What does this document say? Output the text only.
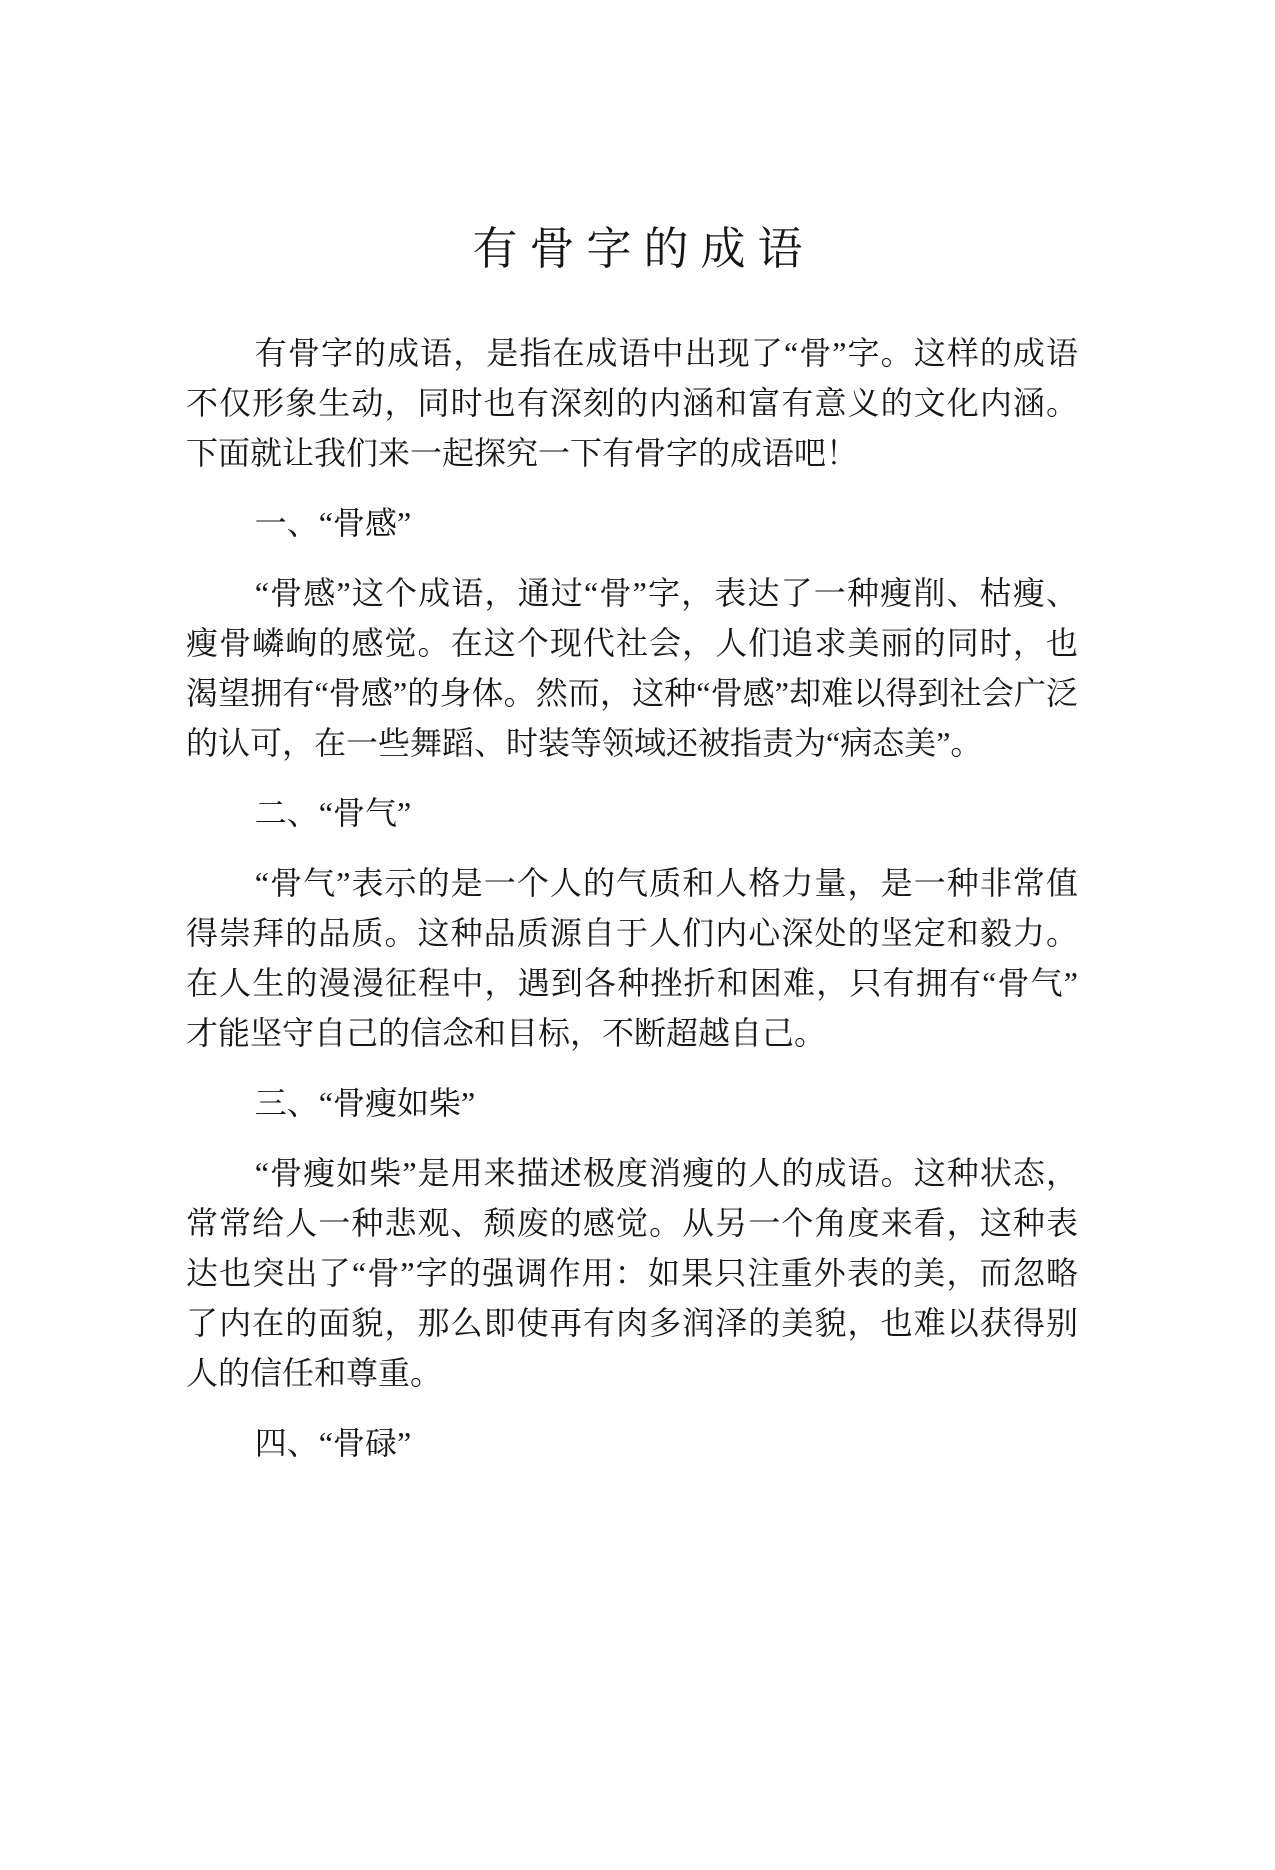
有骨字的成语

有骨字的成语，是指在成语中出现了“骨”字。这样的成语不仅形象生动，同时也有深刻的内涵和富有意义的文化内涵。下面就让我们来一起探究一下有骨字的成语吧！

一、“骨感”

“骨感”这个成语，通过“骨”字，表达了一种瘦削、枯瘦、瘦骨嶙峋的感觉。在这个现代社会，人们追求美丽的同时，也渴望拥有“骨感”的身体。然而，这种“骨感”却难以得到社会广泛的认可，在一些舞蹈、时装等领域还被指责为“病态美”。

二、“骨气”

“骨气”表示的是一个人的气质和人格力量，是一种非常值得崇拜的品质。这种品质源自于人们内心深处的坚定和毅力。在人生的漫漫征程中，遇到各种挫折和困难，只有拥有“骨气”才能坚守自己的信念和目标，不断超越自己。

三、“骨瘦如柴”

“骨瘦如柴”是用来描述极度消瘦的人的成语。这种状态，常常给人一种悲观、颓废的感觉。从另一个角度来看，这种表达也突出了“骨”字的强调作用：如果只注重外表的美，而忽略了内在的面貌，那么即使再有肉多润泽的美貌，也难以获得别人的信任和尊重。

四、“骨碌”
